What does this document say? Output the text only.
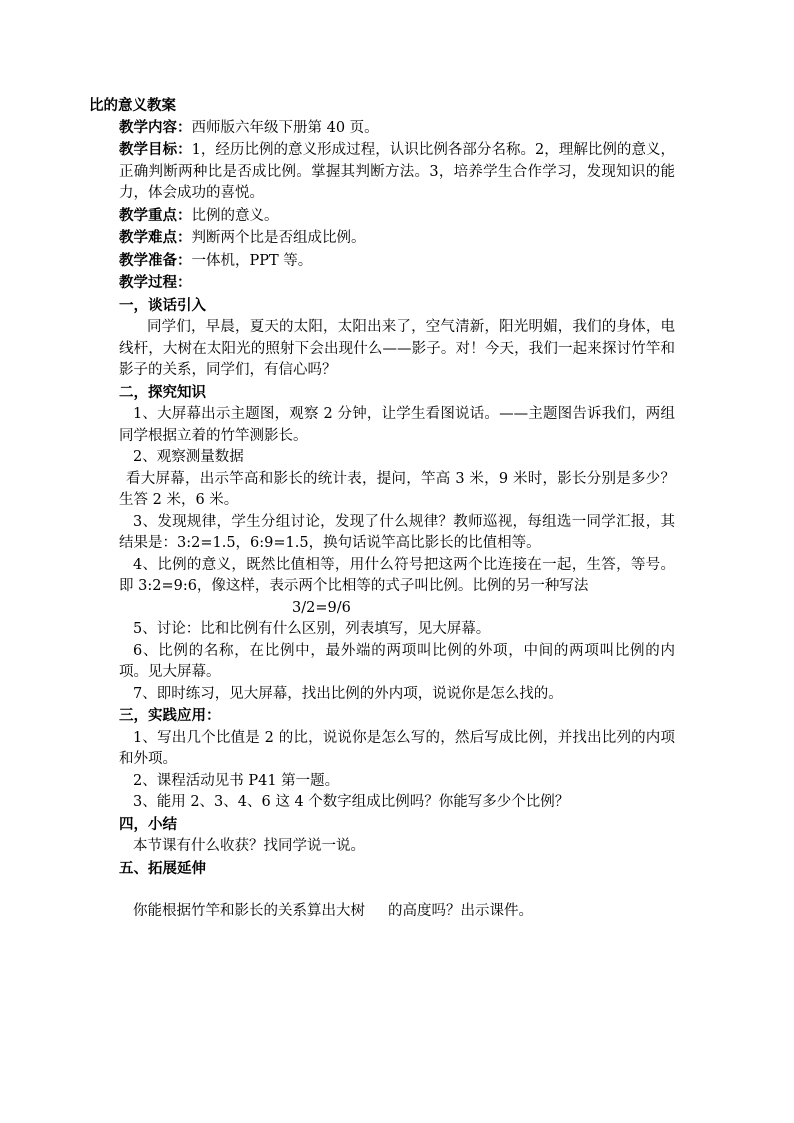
比的意义教案
教学内容：西师版六年级下册第 40 页。
教学目标：1，经历比例的意义形成过程，认识比例各部分名称。2，理解比例的意义，正确判断两种比是否成比例。掌握其判断方法。3，培养学生合作学习，发现知识的能力，体会成功的喜悦。
教学重点：比例的意义。
教学难点：判断两个比是否组成比例。
教学准备：一体机，PPT 等。
教学过程：
一，谈话引入
同学们，早晨，夏天的太阳，太阳出来了，空气清新，阳光明媚，我们的身体，电线杆，大树在太阳光的照射下会出现什么——影子。对！今天，我们一起来探讨竹竿和影子的关系，同学们，有信心吗？
二，探究知识
1、大屏幕出示主题图，观察 2 分钟，让学生看图说话。——主题图告诉我们，两组同学根据立着的竹竿测影长。
2、观察测量数据
看大屏幕，出示竿高和影长的统计表，提问，竿高 3 米，9 米时，影长分别是多少？生答 2 米，6 米。
3、发现规律，学生分组讨论，发现了什么规律？教师巡视，每组选一同学汇报，其结果是：3:2=1.5，6:9=1.5，换句话说竿高比影长的比值相等。
4、比例的意义，既然比值相等，用什么符号把这两个比连接在一起，生答，等号。即 3:2=9:6，像这样，表示两个比相等的式子叫比例。比例的另一种写法
3/2=9/6
5、讨论：比和比例有什么区别，列表填写，见大屏幕。
6、比例的名称，在比例中，最外端的两项叫比例的外项，中间的两项叫比例的内项。见大屏幕。
7、即时练习，见大屏幕，找出比例的外内项，说说你是怎么找的。
三，实践应用：
1、写出几个比值是 2 的比，说说你是怎么写的，然后写成比例，并找出比列的内项和外项。
2、课程活动见书 P41 第一题。
3、能用 2、3、4、6 这 4 个数字组成比例吗？你能写多少个比例？
四，小结
本节课有什么收获？找同学说一说。
五、拓展延伸
你能根据竹竿和影长的关系算出大树     的高度吗？出示课件。
